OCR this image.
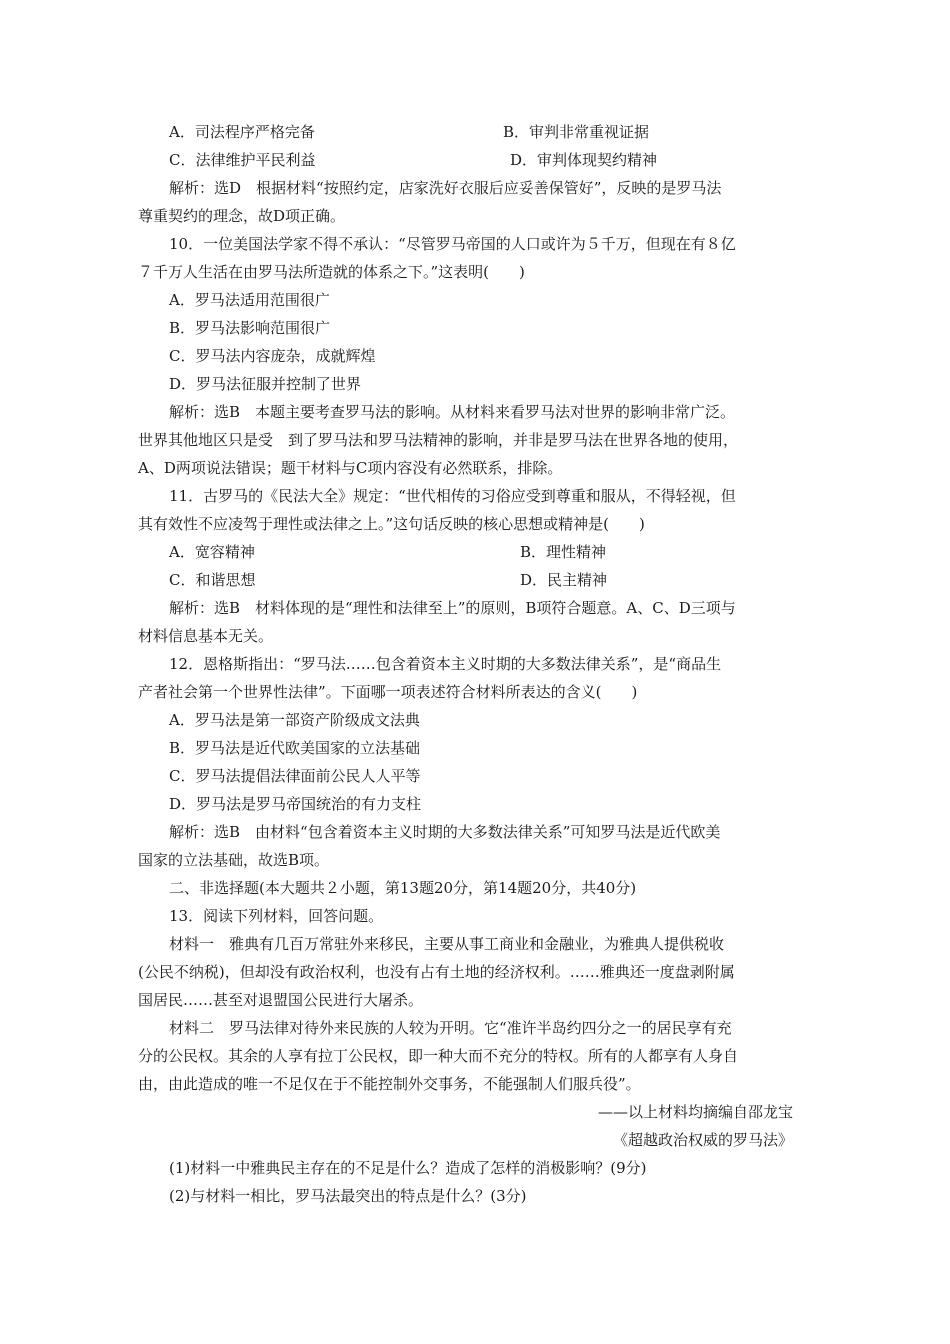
A．司法程序严格完备	B．审判非常重视证据
C．法律维护平民利益	D．审判体现契约精神
解析：选D　根据材料“按照约定，店家洗好衣服后应妥善保管好”，反映的是罗马法
尊重契约的理念，故D项正确。
10．一位美国法学家不得不承认：“尽管罗马帝国的人口或许为５千万，但现在有８亿
７千万人生活在由罗马法所造就的体系之下。”这表明(　　)
A．罗马法适用范围很广
B．罗马法影响范围很广
C．罗马法内容庞杂，成就辉煌
D．罗马法征服并控制了世界
解析：选B　本题主要考查罗马法的影响。从材料来看罗马法对世界的影响非常广泛。
世界其他地区只是受　到了罗马法和罗马法精神的影响，并非是罗马法在世界各地的使用，
A、D两项说法错误；题干材料与C项内容没有必然联系，排除。
11．古罗马的《民法大全》规定：“世代相传的习俗应受到尊重和服从，不得轻视，但
其有效性不应凌驾于理性或法律之上。”这句话反映的核心思想或精神是(　　)
A．宽容精神	B．理性精神
C．和谐思想	D．民主精神
解析：选B　材料体现的是“理性和法律至上”的原则，B项符合题意。A、C、D三项与
材料信息基本无关。
12．恩格斯指出：“罗马法……包含着资本主义时期的大多数法律关系”，是“商品生
产者社会第一个世界性法律”。下面哪一项表述符合材料所表达的含义(　　)
A．罗马法是第一部资产阶级成文法典
B．罗马法是近代欧美国家的立法基础
C．罗马法提倡法律面前公民人人平等
D．罗马法是罗马帝国统治的有力支柱
解析：选B　由材料“包含着资本主义时期的大多数法律关系”可知罗马法是近代欧美
国家的立法基础，故选B项。
二、非选择题(本大题共２小题，第13题20分，第14题20分，共40分)
13．阅读下列材料，回答问题。
材料一　雅典有几百万常驻外来移民，主要从事工商业和金融业，为雅典人提供税收
(公民不纳税)，但却没有政治权利，也没有占有土地的经济权利。……雅典还一度盘剥附属
国居民……甚至对退盟国公民进行大屠杀。
材料二　罗马法律对待外来民族的人较为开明。它“准许半岛约四分之一的居民享有充
分的公民权。其余的人享有拉丁公民权，即一种大而不充分的特权。所有的人都享有人身自
由，由此造成的唯一不足仅在于不能控制外交事务，不能强制人们服兵役”。
——以上材料均摘编自邵龙宝
《超越政治权威的罗马法》
(1)材料一中雅典民主存在的不足是什么？造成了怎样的消极影响？(9分)
(2)与材料一相比，罗马法最突出的特点是什么？(3分)
